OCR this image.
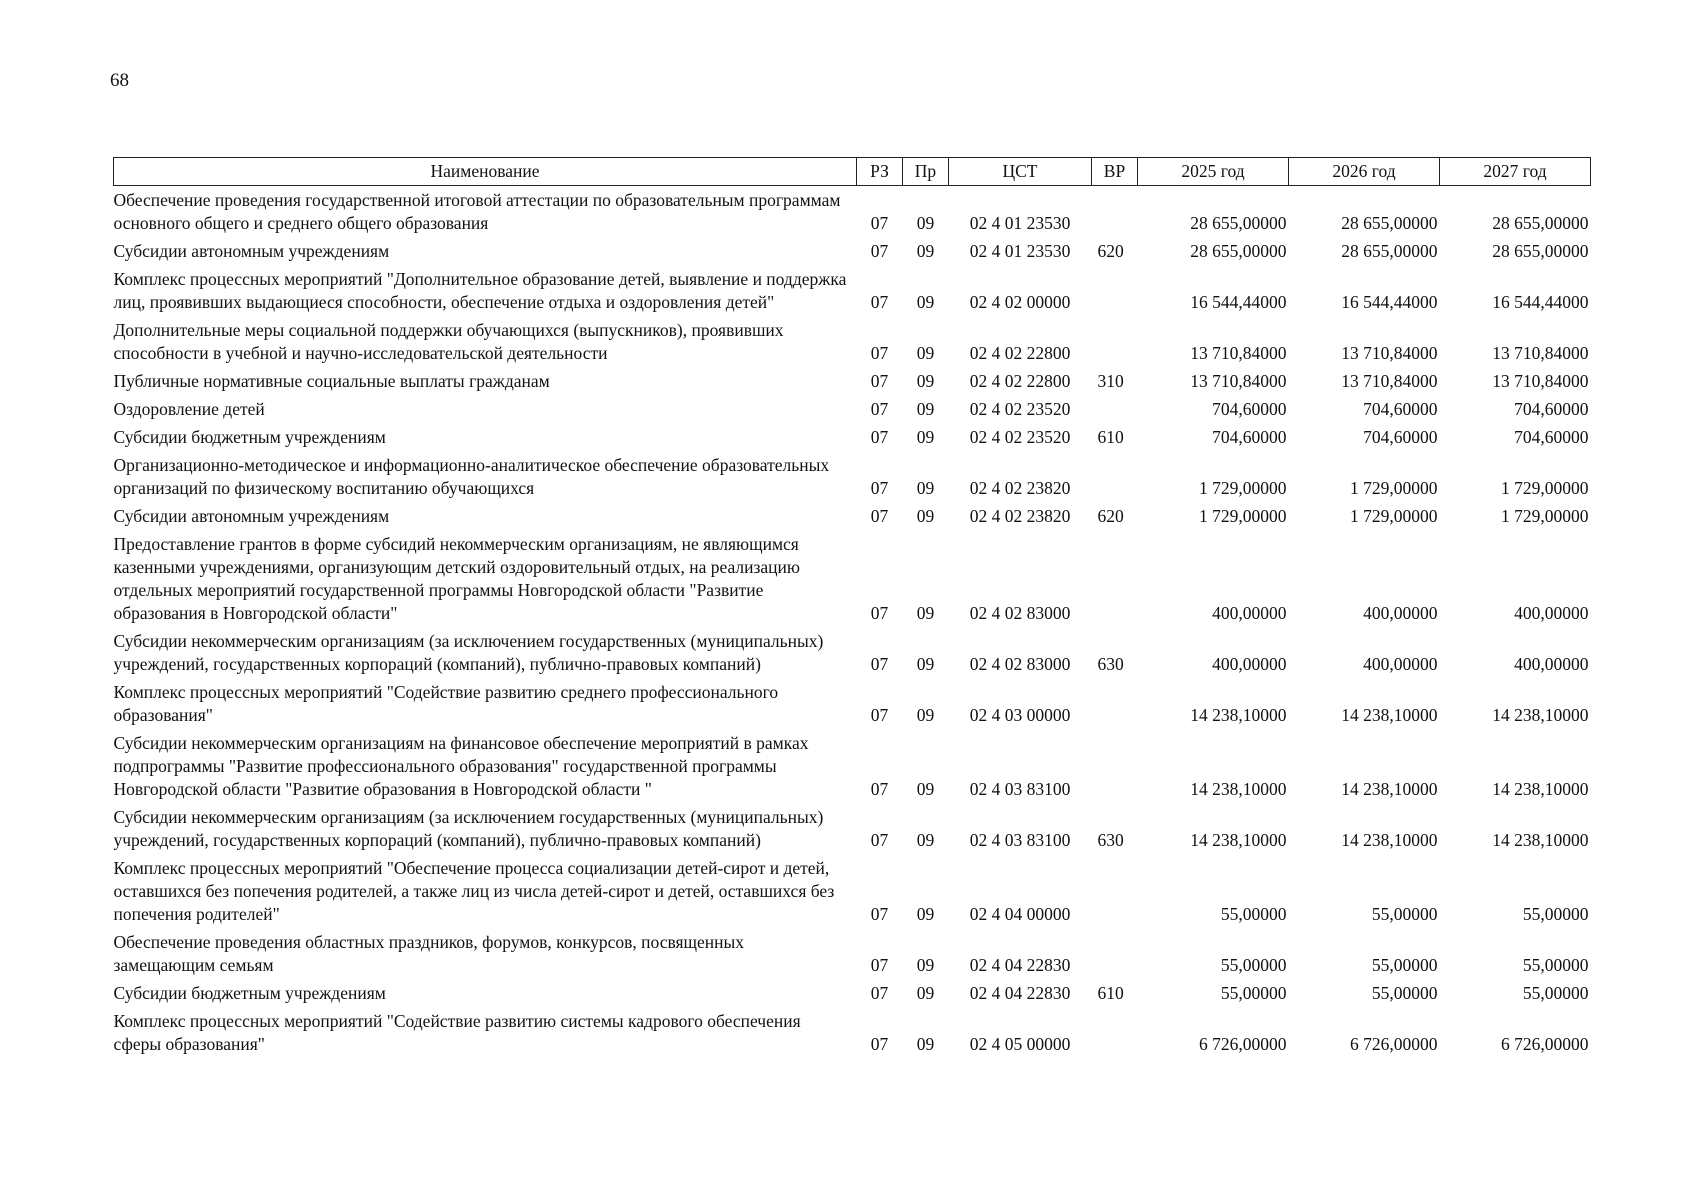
68
Наименование	РЗ	Пр	ЦСТ	ВР	2025 год	2026 год	2027 год
Обеспечение проведения государственной итоговой аттестации по образовательным программам основного общего и среднего общего образования	07	09	02 4 01 23530		28 655,00000	28 655,00000	28 655,00000
Субсидии автономным учреждениям	07	09	02 4 01 23530	620	28 655,00000	28 655,00000	28 655,00000
Комплекс процессных мероприятий "Дополнительное образование детей, выявление и поддержка лиц, проявивших выдающиеся способности, обеспечение отдыха и оздоровления детей"	07	09	02 4 02 00000		16 544,44000	16 544,44000	16 544,44000
Дополнительные меры социальной поддержки обучающихся (выпускников), проявивших способности в учебной и научно-исследовательской деятельности	07	09	02 4 02 22800		13 710,84000	13 710,84000	13 710,84000
Публичные нормативные социальные выплаты гражданам	07	09	02 4 02 22800	310	13 710,84000	13 710,84000	13 710,84000
Оздоровление детей	07	09	02 4 02 23520		704,60000	704,60000	704,60000
Субсидии бюджетным учреждениям	07	09	02 4 02 23520	610	704,60000	704,60000	704,60000
Организационно-методическое и информационно-аналитическое обеспечение образовательных организаций по физическому воспитанию обучающихся	07	09	02 4 02 23820		1 729,00000	1 729,00000	1 729,00000
Субсидии автономным учреждениям	07	09	02 4 02 23820	620	1 729,00000	1 729,00000	1 729,00000
Предоставление грантов в форме субсидий некоммерческим организациям, не являющимся казенными учреждениями, организующим детский оздоровительный отдых, на реализацию отдельных мероприятий государственной программы Новгородской области "Развитие образования в Новгородской области"	07	09	02 4 02 83000		400,00000	400,00000	400,00000
Субсидии некоммерческим организациям (за исключением государственных (муниципальных) учреждений, государственных корпораций (компаний), публично-правовых компаний)	07	09	02 4 02 83000	630	400,00000	400,00000	400,00000
Комплекс процессных мероприятий "Содействие развитию среднего профессионального образования"	07	09	02 4 03 00000		14 238,10000	14 238,10000	14 238,10000
Субсидии некоммерческим организациям на финансовое обеспечение мероприятий в рамках подпрограммы "Развитие профессионального образования" государственной программы Новгородской области "Развитие образования в Новгородской области "	07	09	02 4 03 83100		14 238,10000	14 238,10000	14 238,10000
Субсидии некоммерческим организациям (за исключением государственных (муниципальных) учреждений, государственных корпораций (компаний), публично-правовых компаний)	07	09	02 4 03 83100	630	14 238,10000	14 238,10000	14 238,10000
Комплекс процессных мероприятий "Обеспечение процесса социализации детей-сирот и детей, оставшихся без попечения родителей, а также лиц из числа детей-сирот и детей, оставшихся без попечения родителей"	07	09	02 4 04 00000		55,00000	55,00000	55,00000
Обеспечение проведения областных праздников, форумов, конкурсов, посвященных замещающим семьям	07	09	02 4 04 22830		55,00000	55,00000	55,00000
Субсидии бюджетным учреждениям	07	09	02 4 04 22830	610	55,00000	55,00000	55,00000
Комплекс процессных мероприятий "Содействие развитию системы кадрового обеспечения сферы образования"	07	09	02 4 05 00000		6 726,00000	6 726,00000	6 726,00000
